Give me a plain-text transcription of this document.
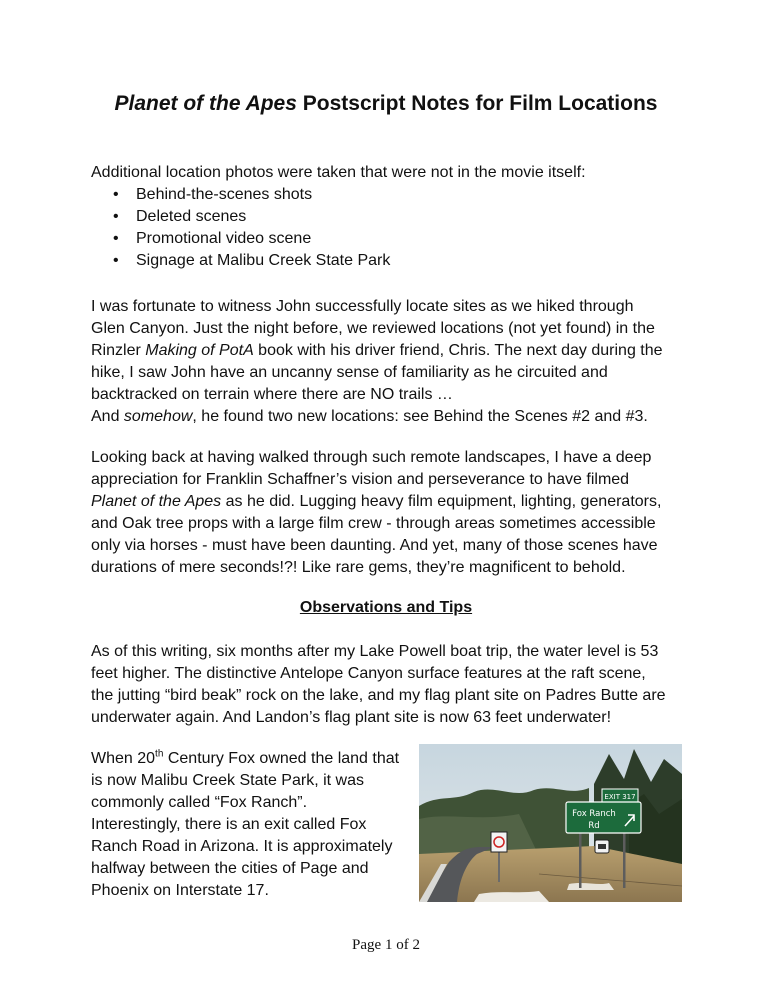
Planet of the Apes Postscript Notes for Film Locations

Additional location photos were taken that were not in the movie itself:

• Behind-the-scenes shots
• Deleted scenes
• Promotional video scene
• Signage at Malibu Creek State Park

I was fortunate to witness John successfully locate sites as we hiked through

Glen Canyon. Just the night before, we reviewed locations (not yet found) in the

Rinzler Making of PotA book with his driver friend, Chris. The next day during the

hike, I saw John have an uncanny sense of familiarity as he circuited and

backtracked on terrain where there are NO trails …

And somehow, he found two new locations: see Behind the Scenes #2 and #3.

Looking back at having walked through such remote landscapes, I have a deep

appreciation for Franklin Schaffner’s vision and perseverance to have filmed

Planet of the Apes as he did. Lugging heavy film equipment, lighting, generators,

and Oak tree props with a large film crew - through areas sometimes accessible

only via horses - must have been daunting. And yet, many of those scenes have

durations of mere seconds!?! Like rare gems, they’re magnificent to behold.

Observations and Tips

As of this writing, six months after my Lake Powell boat trip, the water level is 53

feet higher. The distinctive Antelope Canyon surface features at the raft scene,

the jutting “bird beak” rock on the lake, and my flag plant site on Padres Butte are

underwater again. And Landon’s flag plant site is now 63 feet underwater!

When 20th Century Fox owned the land that

is now Malibu Creek State Park, it was

commonly called “Fox Ranch”.

Interestingly, there is an exit called Fox

Ranch Road in Arizona. It is approximately

halfway between the cities of Page and

Phoenix on Interstate 17.

EXIT 317
Fox Ranch
Rd
Page 1 of 2
